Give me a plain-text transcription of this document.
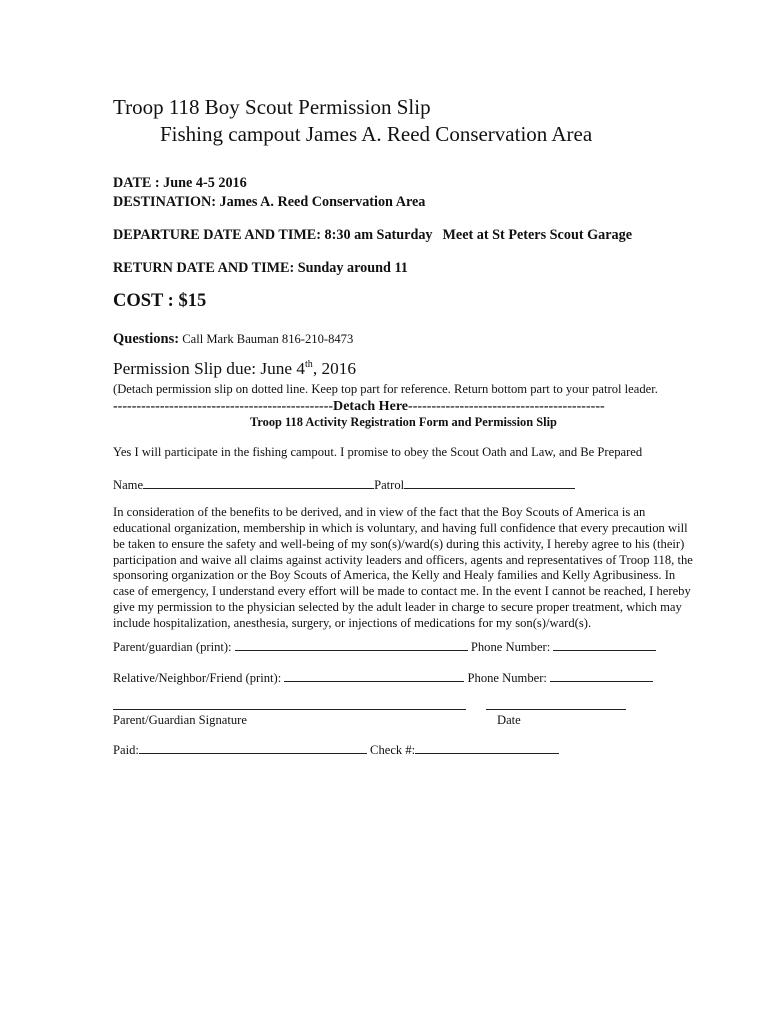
Troop 118 Boy Scout Permission Slip
Fishing campout James A. Reed Conservation Area
DATE : June 4-5 2016
DESTINATION: James A. Reed Conservation Area
DEPARTURE DATE AND TIME: 8:30 am Saturday Meet at St Peters Scout Garage
RETURN DATE AND TIME: Sunday around 11
COST : $15
Questions: Call Mark Bauman 816-210-8473
Permission Slip due: June 4th, 2016
(Detach permission slip on dotted line. Keep top part for reference. Return bottom part to your patrol leader.
-----------------------------------------------Detach Here------------------------------------------
Troop 118 Activity Registration Form and Permission Slip
Yes I will participate in the fishing campout. I promise to obey the Scout Oath and Law, and Be Prepared
Name	Patrol
In consideration of the benefits to be derived, and in view of the fact that the Boy Scouts of America is an
educational organization, membership in which is voluntary, and having full confidence that every precaution will
be taken to ensure the safety and well-being of my son(s)/ward(s) during this activity, I hereby agree to his (their)
participation and waive all claims against activity leaders and officers, agents and representatives of Troop 118, the
sponsoring organization or the Boy Scouts of America, the Kelly and Healy families and Kelly Agribusiness. In
case of emergency, I understand every effort will be made to contact me. In the event I cannot be reached, I hereby
give my permission to the physician selected by the adult leader in charge to secure proper treatment, which may
include hospitalization, anesthesia, surgery, or injections of medications for my son(s)/ward(s).
Parent/guardian (print):	Phone Number:
Relative/Neighbor/Friend (print):	Phone Number:
Parent/Guardian Signature	Date
Paid:	Check #:
